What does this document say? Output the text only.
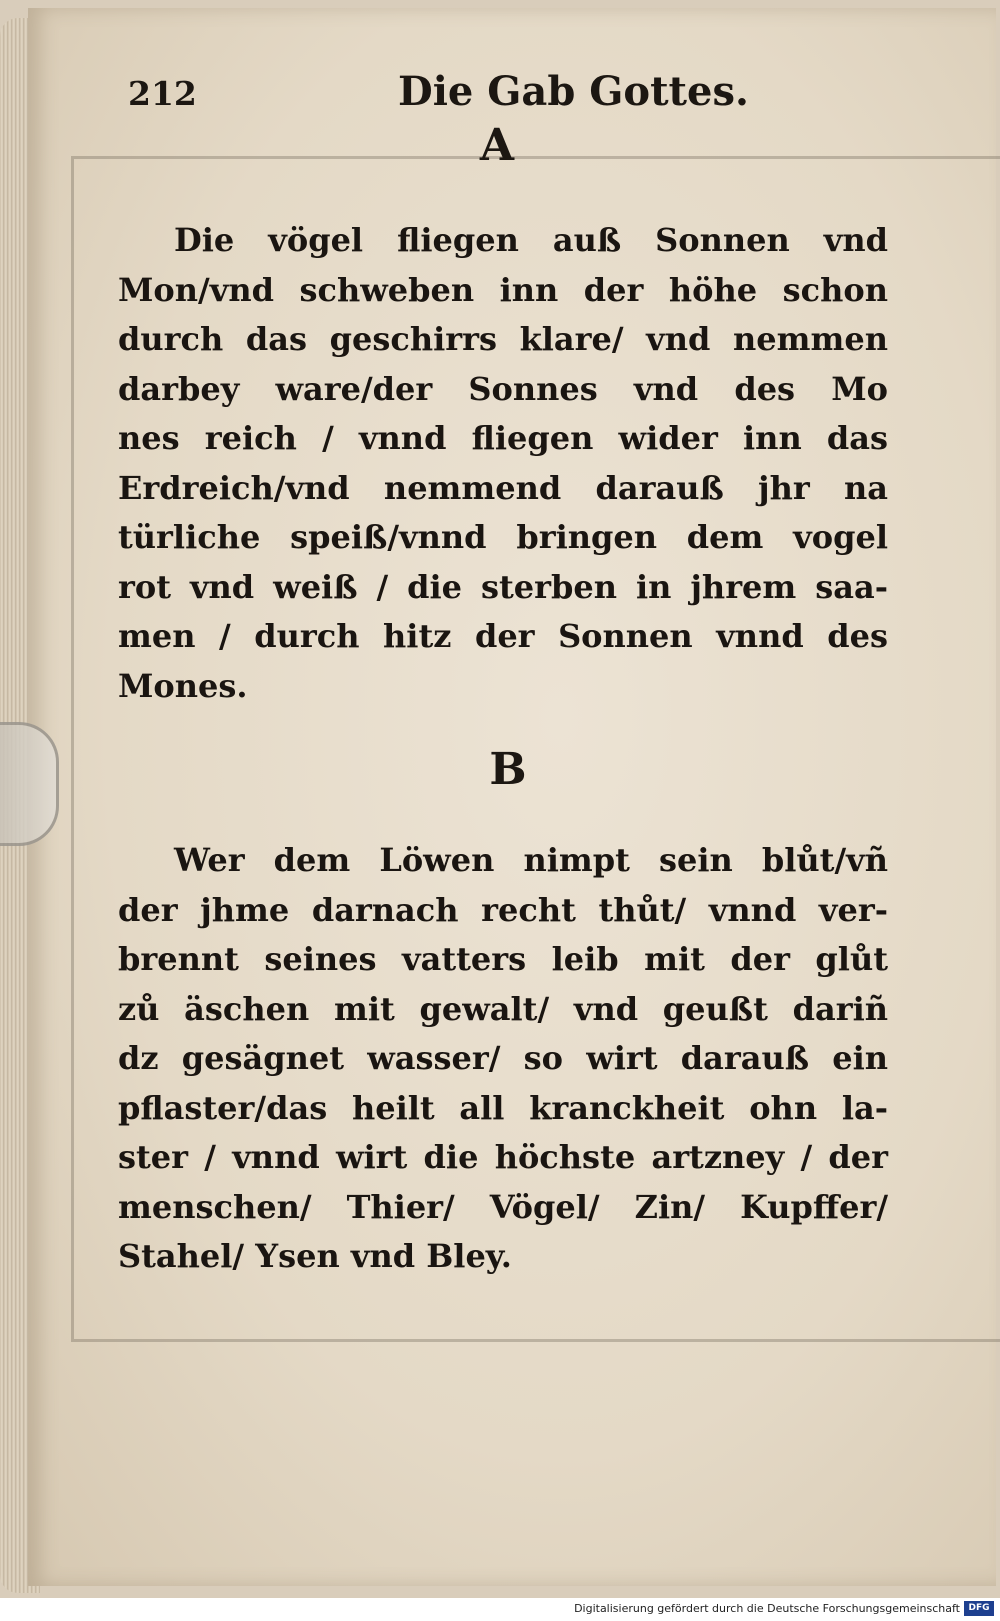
212	Die Gab Gottes.
A
Die vögel fliegen auß Sonnen vnd
Mon/vnd schweben inn der höhe schon
durch das geschirrs klare/ vnd nemmen
darbey ware/der Sonnes vnd des Mo
nes reich / vnnd fliegen wider inn das
Erdreich/vnd nemmend darauß jhr na
türliche speiß/vnnd bringen dem vogel
rot vnd weiß / die sterben in jhrem saa-
men / durch hitz der Sonnen vnnd des
Mones.
B
Wer dem Löwen nimpt sein blůt/vñ
der jhme darnach recht thůt/ vnnd ver-
brennt seines vatters leib mit der glůt
zů äschen mit gewalt/ vnd geußt dariñ
dz gesägnet wasser/ so wirt darauß ein
pflaster/das heilt all kranckheit ohn la-
ster / vnnd wirt die höchste artzney / der
menschen/ Thier/ Vögel/ Zin/ Kupffer/
Stahel/ Ysen vnd Bley.
Digitalisierung gefördert durch die Deutsche Forschungsgemeinschaft DFG
